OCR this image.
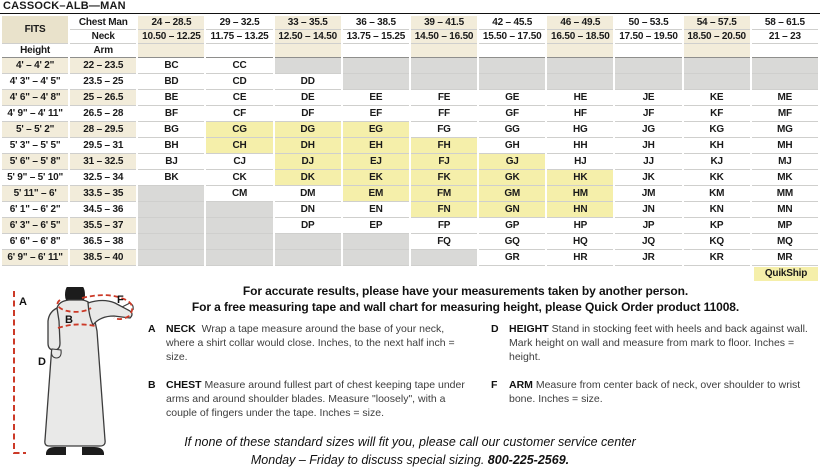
CASSOCK–ALB—MAN
FITS	Chest Man	24 – 28.5	29 – 32.5	33 – 35.5	36 – 38.5	39 – 41.5	42 – 45.5	46 – 49.5	50 – 53.5	54 – 57.5	58 – 61.5
	Neck	10.50 – 12.25	11.75 – 13.25	12.50 – 14.50	13.75 – 15.25	14.50 – 16.50	15.50 – 17.50	16.50 – 18.50	17.50 – 19.50	18.50 – 20.50	21 – 23
Height	Arm										
4' – 4' 2"	22 – 23.5	BC	CC								
4' 3" – 4' 5"	23.5 – 25	BD	CD	DD							
4' 6" – 4' 8"	25 – 26.5	BE	CE	DE	EE	FE	GE	HE	JE	KE	ME
4' 9" – 4' 11"	26.5 – 28	BF	CF	DF	EF	FF	GF	HF	JF	KF	MF
5' – 5' 2"	28 – 29.5	BG	CG	DG	EG	FG	GG	HG	JG	KG	MG
5' 3" – 5' 5"	29.5 – 31	BH	CH	DH	EH	FH	GH	HH	JH	KH	MH
5' 6" – 5' 8"	31 – 32.5	BJ	CJ	DJ	EJ	FJ	GJ	HJ	JJ	KJ	MJ
5' 9" – 5' 10"	32.5 – 34	BK	CK	DK	EK	FK	GK	HK	JK	KK	MK
5' 11" – 6'	33.5 – 35		CM	DM	EM	FM	GM	HM	JM	KM	MM
6' 1" – 6' 2"	34.5 – 36			DN	EN	FN	GN	HN	JN	KN	MN
6' 3" – 6' 5"	35.5 – 37			DP	EP	FP	GP	HP	JP	KP	MP
6' 6" – 6' 8"	36.5 – 38					FQ	GQ	HQ	JQ	KQ	MQ
6' 9" – 6' 11"	38.5 – 40						GR	HR	JR	KR	MR
QuikShip
For accurate results, please have your measurements taken by another person.
For a free measuring tape and wall chart for measuring height, please Quick Order product 11008.
A
B
D
F
A NECK Wrap a tape measure around the base of your neck, where a shirt collar would close. Inches, to the next half inch = size.
B CHEST Measure around fullest part of chest keeping tape under arms and around shoulder blades. Measure "loosely", with a couple of fingers under the tape. Inches = size.
D HEIGHT Stand in stocking feet with heels and back against wall. Mark height on wall and measure from mark to floor. Inches = height.
F	ARM Measure from center back of neck, over shoulder to wrist bone. Inches = size.
If none of these standard sizes will fit you, please call our customer service center
Monday – Friday to discuss special sizing. 800-225-2569.
